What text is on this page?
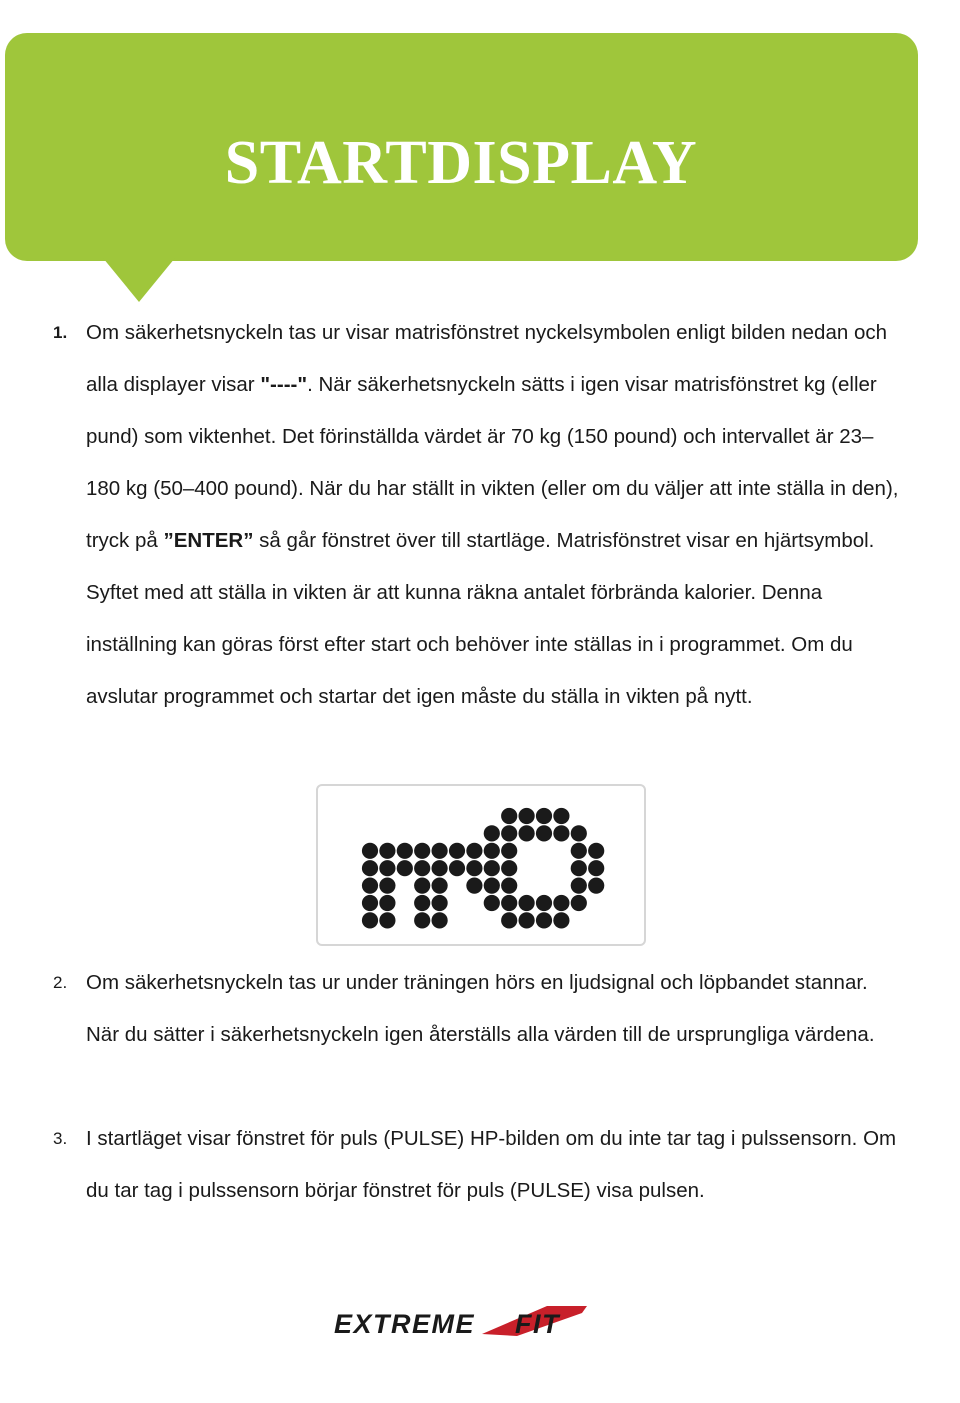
STARTDISPLAY
1. Om säkerhetsnyckeln tas ur visar matrisfönstret nyckelsymbolen enligt bilden nedan och alla displayer visar "----". När säkerhetsnyckeln sätts i igen visar matrisfönstret kg (eller pund) som viktenhet. Det förinställda värdet är 70 kg (150 pound) och intervallet är 23–180 kg (50–400 pound). När du har ställt in vikten (eller om du väljer att inte ställa in den), tryck på ”ENTER” så går fönstret över till startläge. Matrisfönstret visar en hjärtsymbol. Syftet med att ställa in vikten är att kunna räkna antalet förbrända kalorier. Denna inställning kan göras först efter start och behöver inte ställas in i programmet. Om du avslutar programmet och startar det igen måste du ställa in vikten på nytt.

2. Om säkerhetsnyckeln tas ur under träningen hörs en ljudsignal och löpbandet stannar. När du sätter i säkerhetsnyckeln igen återställs alla värden till de ursprungliga värdena.

3. I startläget visar fönstret för puls (PULSE) HP-bilden om du inte tar tag i pulssensorn. Om du tar tag i pulssensorn börjar fönstret för puls (PULSE) visa pulsen.

EXTREME FIT
